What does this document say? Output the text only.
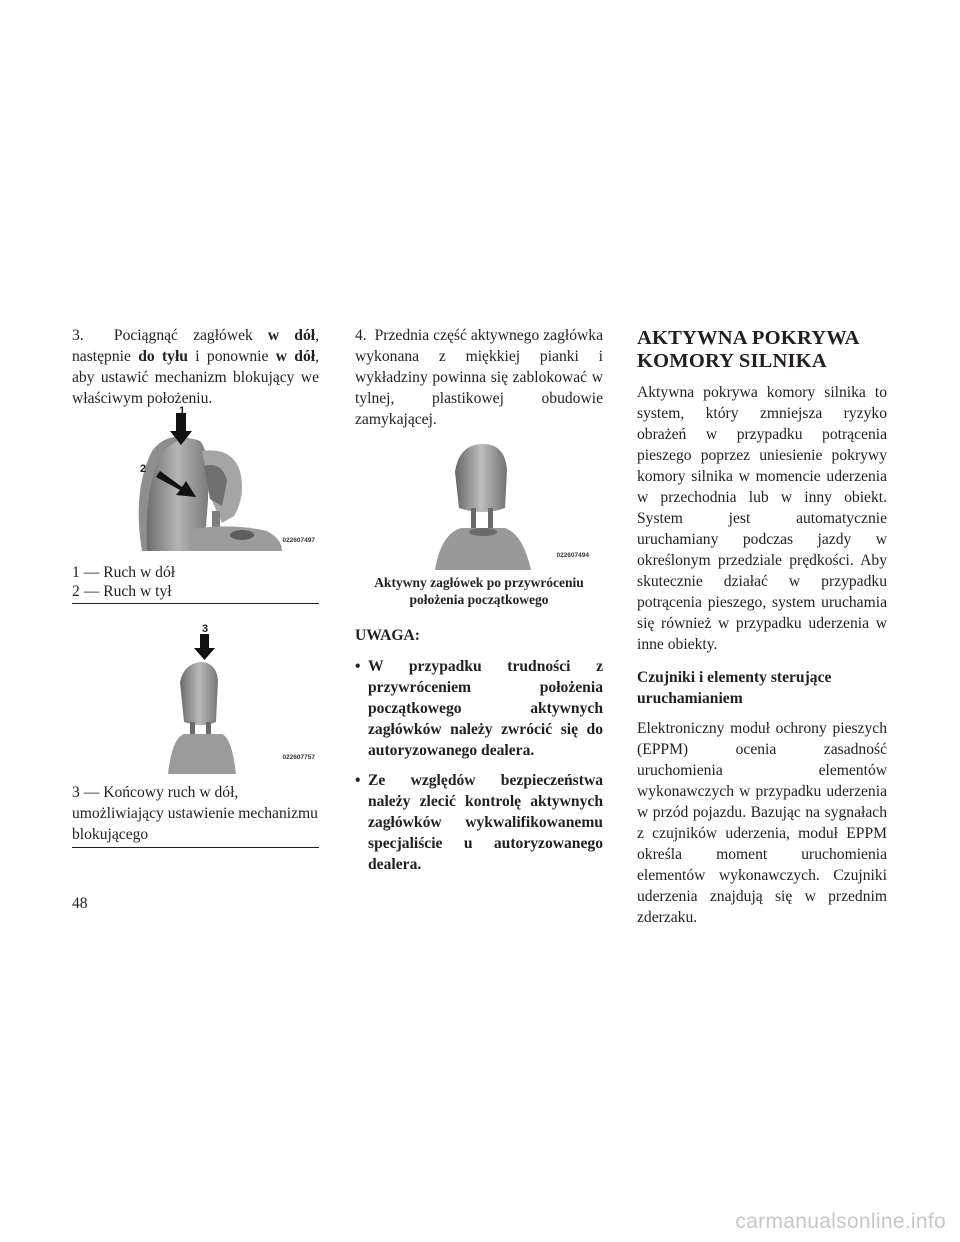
3.  Pociągnąć zagłówek w dół, następnie do tyłu i ponownie w dół, aby ustawić mechanizm blokujący we właściwym położeniu.

1
2
022607497
1 — Ruch w dół
2 — Ruch w tył
3
022607757
3 — Końcowy ruch w dół, umożliwiający ustawienie mechanizmu blokującego

4.  Przednia część aktywnego zagłówka wykonana z miękkiej pianki i wykładziny powinna się zablokować w tylnej, plastikowej obudowie zamykającej.

022607494
Aktywny zagłówek po przywróceniu położenia początkowego
UWAGA:
• W przypadku trudności z przywróceniem położenia początkowego aktywnych zagłówków należy zwrócić się do autoryzowanego dealera.
• Ze względów bezpieczeństwa należy zlecić kontrolę aktywnych zagłówków wykwalifikowanemu specjaliście u autoryzowanego dealera.
AKTYWNA POKRYWA
KOMORY SILNIKA

Aktywna pokrywa komory silnika to system, który zmniejsza ryzyko obrażeń w przypadku potrącenia pieszego poprzez uniesienie pokrywy komory silnika w momencie uderzenia w przechodnia lub w inny obiekt. System jest automatycznie uruchamiany podczas jazdy w określonym przedziale prędkości. Aby skutecznie działać w przypadku potrącenia pieszego, system uruchamia się również w przypadku uderzenia w inne obiekty.

Czujniki i elementy sterujące uruchamianiem

Elektroniczny moduł ochrony pieszych (EPPM) ocenia zasadność uruchomienia elementów wykonawczych w przypadku uderzenia w przód pojazdu. Bazując na sygnałach z czujników uderzenia, moduł EPPM określa moment uruchomienia elementów wykonawczych. Czujniki uderzenia znajdują się w przednim zderzaku.

48
carmanualsonline.info
